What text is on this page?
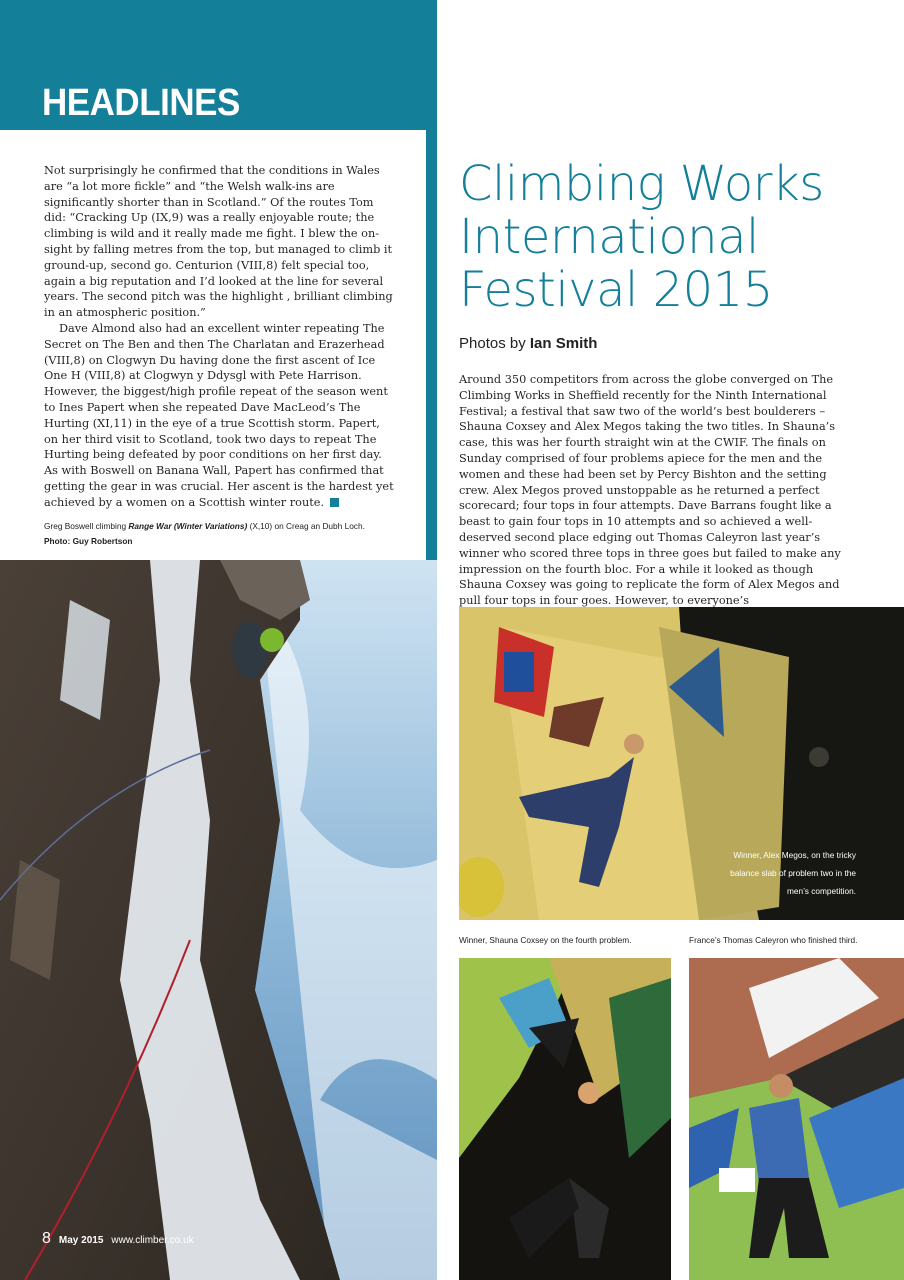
HEADLINES

Not surprisingly he confirmed that the conditions in Wales are “a lot more fickle” and “the Welsh walk-ins are significantly shorter than in Scotland.” Of the routes Tom did: “Cracking Up (IX,9) was a really enjoyable route; the climbing is wild and it really made me fight. I blew the on-sight by falling metres from the top, but managed to climb it ground-up, second go. Centurion (VIII,8) felt special too, again a big reputation and I’d looked at the line for several years. The second pitch was the highlight , brilliant climbing in an atmospheric position.”

Dave Almond also had an excellent winter repeating The Secret on The Ben and then The Charlatan and Erazerhead (VIII,8) on Clogwyn Du having done the first ascent of Ice One H (VIII,8) at Clogwyn y Ddysgl with Pete Harrison. However, the biggest/high profile repeat of the season went to Ines Papert when she repeated Dave MacLeod’s The Hurting (XI,11) in the eye of a true Scottish storm. Papert, on her third visit to Scotland, took two days to repeat The Hurting being defeated by poor conditions on her first day. As with Boswell on Banana Wall, Papert has confirmed that getting the gear in was crucial. Her ascent is the hardest yet achieved by a women on a Scottish winter route.

Greg Boswell climbing Range War (Winter Variations) (X,10) on Creag an Dubh Loch.
Photo: Guy Robertson
8 May 2015 www.climber.co.uk
Climbing Works International Festival 2015
Photos by Ian Smith

Around 350 competitors from across the globe converged on The Climbing Works in Sheffield recently for the Ninth International Festival; a festival that saw two of the world’s best boulderers – Shauna Coxsey and Alex Megos taking the two titles. In Shauna’s case, this was her fourth straight win at the CWIF. The finals on Sunday comprised of four problems apiece for the men and the women and these had been set by Percy Bishton and the setting crew. Alex Megos proved unstoppable as he returned a perfect scorecard; four tops in four attempts. Dave Barrans fought like a beast to gain four tops in 10 attempts and so achieved a well-deserved second place edging out Thomas Caleyron last year’s winner who scored three tops in three goes but failed to make any impression on the fourth bloc. For a while it looked as though Shauna Coxsey was going to replicate the form of Alex Megos and pull four tops in four goes. However, to everyone’s

Winner, Alex Megos, on the tricky balance slab of problem two in the men’s competition.
Winner, Shauna Coxsey on the fourth problem.	France’s Thomas Caleyron who finished third.
